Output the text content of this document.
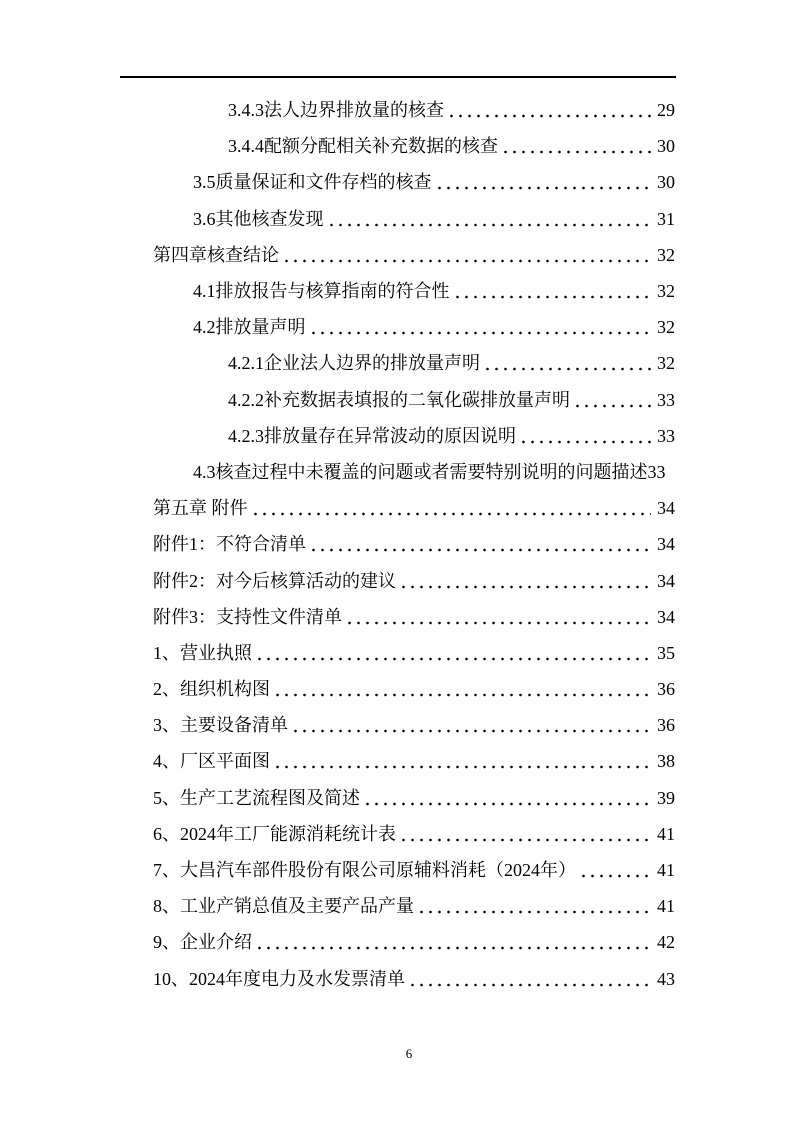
3.4.3法人边界排放量的核查	29
3.4.4配额分配相关补充数据的核查	30
3.5质量保证和文件存档的核查	30
3.6其他核查发现	31
第四章核查结论	32
4.1排放报告与核算指南的符合性	32
4.2排放量声明	32
4.2.1企业法人边界的排放量声明	32
4.2.2补充数据表填报的二氧化碳排放量声明	33
4.2.3排放量存在异常波动的原因说明	33
4.3核查过程中未覆盖的问题或者需要特别说明的问题描述 33
第五章 附件	34
附件1：不符合清单	34
附件2：对今后核算活动的建议	34
附件3：支持性文件清单	34
1、营业执照	35
2、组织机构图	36
3、主要设备清单	36
4、厂区平面图	38
5、生产工艺流程图及简述	39
6、2024年工厂能源消耗统计表	41
7、大昌汽车部件股份有限公司原辅料消耗（2024年）	41
8、工业产销总值及主要产品产量	41
9、企业介绍	42
10、2024年度电力及水发票清单	43
6
